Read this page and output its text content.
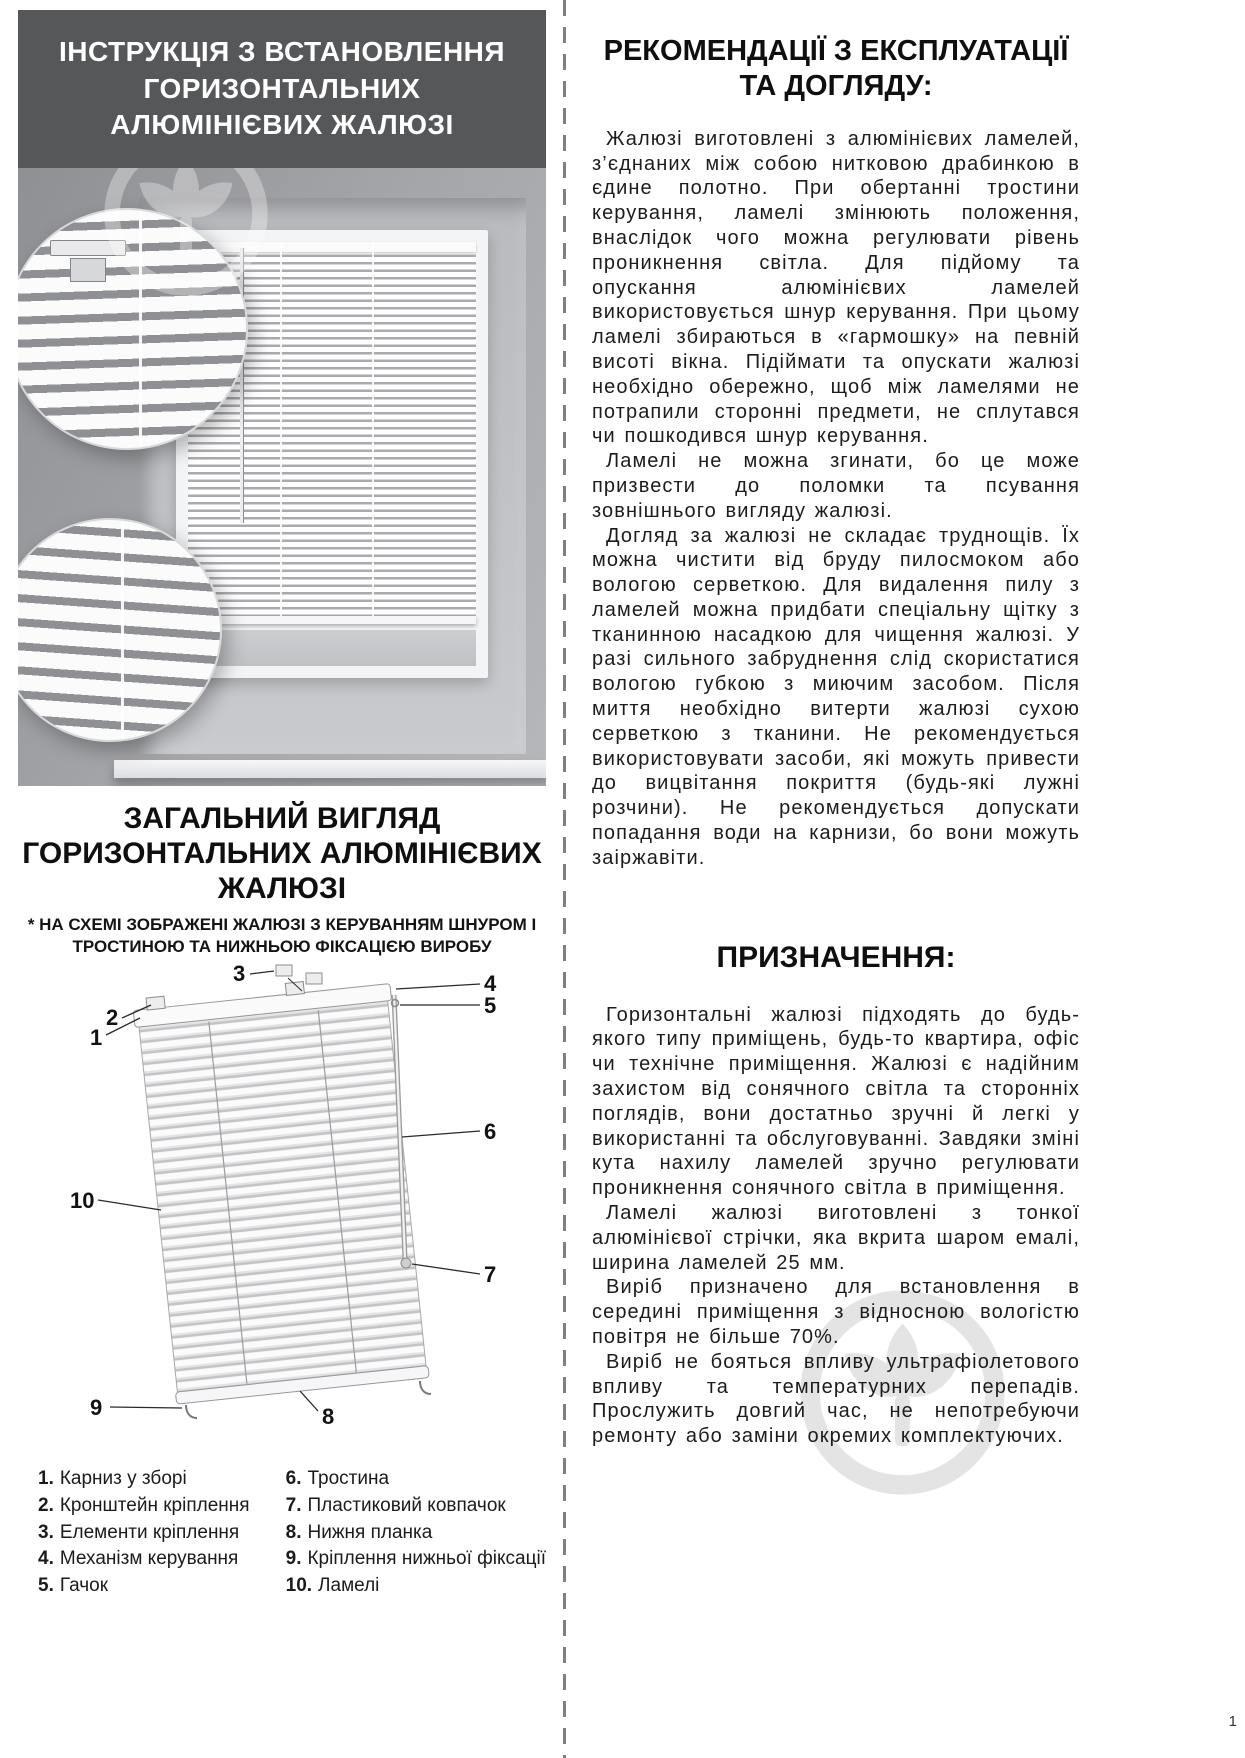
ІНСТРУКЦІЯ З ВСТАНОВЛЕННЯ ГОРИЗОНТАЛЬНИХ АЛЮМІНІЄВИХ ЖАЛЮЗІ
ЗАГАЛЬНИЙ ВИГЛЯД ГОРИЗОНТАЛЬНИХ АЛЮМІНІЄВИХ ЖАЛЮЗІ
* НА СХЕМІ ЗОБРАЖЕНІ ЖАЛЮЗІ З КЕРУВАННЯМ ШНУРОМ І ТРОСТИНОЮ ТА НИЖНЬОЮ ФІКСАЦІЄЮ ВИРОБУ
1
2
3	4
5
6
7
8
9
10
1. Карниз у зборі
2. Кронштейн кріплення
3. Елементи кріплення
4. Механізм керування
5. Гачок
6. Тростина
7. Пластиковий ковпачок
8. Нижня планка
9. Кріплення нижньої фіксації
10. Ламелі
РЕКОМЕНДАЦІЇ З ЕКСПЛУАТАЦІЇ ТА ДОГЛЯДУ:

Жалюзі виготовлені з алюмінієвих ламелей, з’єднаних між собою нитковою драбинкою в єдине полотно. При обертанні тростини керування, ламелі змінюють положення, внаслідок чого можна регулювати рівень проникнення світла. Для підйому та опускання алюмінієвих ламелей використовується шнур керування. При цьому ламелі збираються в «гармошку» на певній висоті вікна. Підіймати та опускати жалюзі необхідно обережно, щоб між ламелями не потрапили сторонні предмети, не сплутався чи пошкодився шнур керування.

Ламелі не можна згинати, бо це може призвести до поломки та псування зовнішнього вигляду жалюзі.

Догляд за жалюзі не складає труднощів. Їх можна чистити від бруду пилосмоком або вологою серветкою. Для видалення пилу з ламелей можна придбати спеціальну щітку з тканинною насадкою для чищення жалюзі. У разі сильного забруднення слід скористатися вологою губкою з миючим засобом. Після миття необхідно витерти жалюзі сухою серветкою з тканини. Не рекомендується використовувати засоби, які можуть привести до вицвітання покриття (будь-які лужні розчини). Не рекомендується допускати попадання води на карнизи, бо вони можуть заіржавіти.

ПРИЗНАЧЕННЯ:

Горизонтальні жалюзі підходять до будь-якого типу приміщень, будь-то квартира, офіс чи технічне приміщення. Жалюзі є надійним захистом від сонячного світла та сторонніх поглядів, вони достатньо зручні й легкі у використанні та обслуговуванні. Завдяки зміні кута нахилу ламелей зручно регулювати проникнення сонячного світла в приміщення.

Ламелі жалюзі виготовлені з тонкої алюмінієвої стрічки, яка вкрита шаром емалі, ширина ламелей 25 мм.

Виріб призначено для встановлення в середині приміщення з відносною вологістю повітря не більше 70%.

Виріб не бояться впливу ультрафіолетового впливу та температурних перепадів. Прослужить довгий час, не непотребуючи ремонту або заміни окремих комплектуючих.

1
